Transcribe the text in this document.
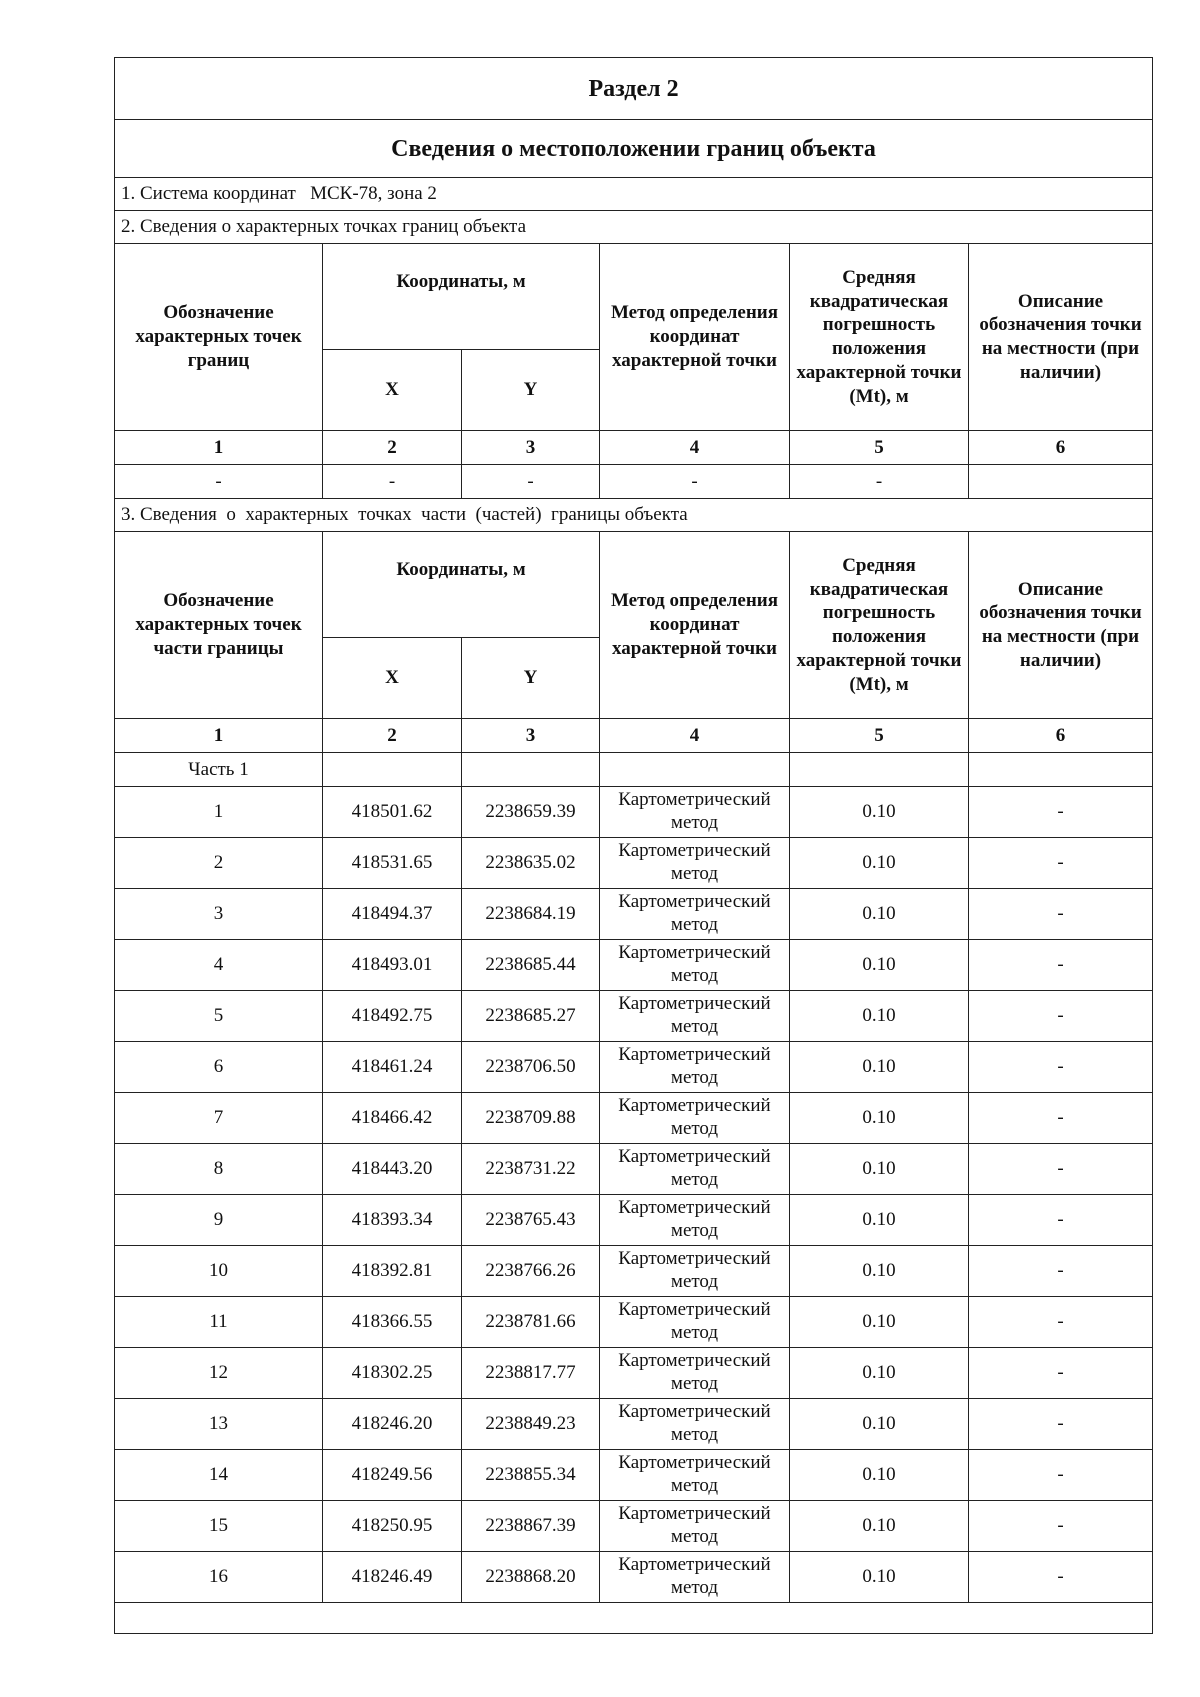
Раздел 2					
Сведения о местоположении границ объекта					
1. Система координат МСК-78, зона 2					
2. Сведения о характерных точках границ объекта					
Обозначение характерных точек границ	Координаты, м		Метод определения координат характерной точки	Средняя квадратическая погрешность положения характерной точки (Mt), м	Описание обозначения точки на местности (при наличии)
	X	Y			
1	2	3	4	5	6
-	-	-	-	-	
3. Сведения  о  характерных  точках  части  (частей)  границы объекта					
Обозначение характерных точек части границы	Координаты, м		Метод определения координат характерной точки	Средняя квадратическая погрешность положения характерной точки (Mt), м	Описание обозначения точки на местности (при наличии)
	X	Y			
1	2	3	4	5	6
Часть 1					
1	418501.62	2238659.39	Картометрический метод	0.10	-
2	418531.65	2238635.02	Картометрический метод	0.10	-
3	418494.37	2238684.19	Картометрический метод	0.10	-
4	418493.01	2238685.44	Картометрический метод	0.10	-
5	418492.75	2238685.27	Картометрический метод	0.10	-
6	418461.24	2238706.50	Картометрический метод	0.10	-
7	418466.42	2238709.88	Картометрический метод	0.10	-
8	418443.20	2238731.22	Картометрический метод	0.10	-
9	418393.34	2238765.43	Картометрический метод	0.10	-
10	418392.81	2238766.26	Картометрический метод	0.10	-
11	418366.55	2238781.66	Картометрический метод	0.10	-
12	418302.25	2238817.77	Картометрический метод	0.10	-
13	418246.20	2238849.23	Картометрический метод	0.10	-
14	418249.56	2238855.34	Картометрический метод	0.10	-
15	418250.95	2238867.39	Картометрический метод	0.10	-
16	418246.49	2238868.20	Картометрический метод	0.10	-
